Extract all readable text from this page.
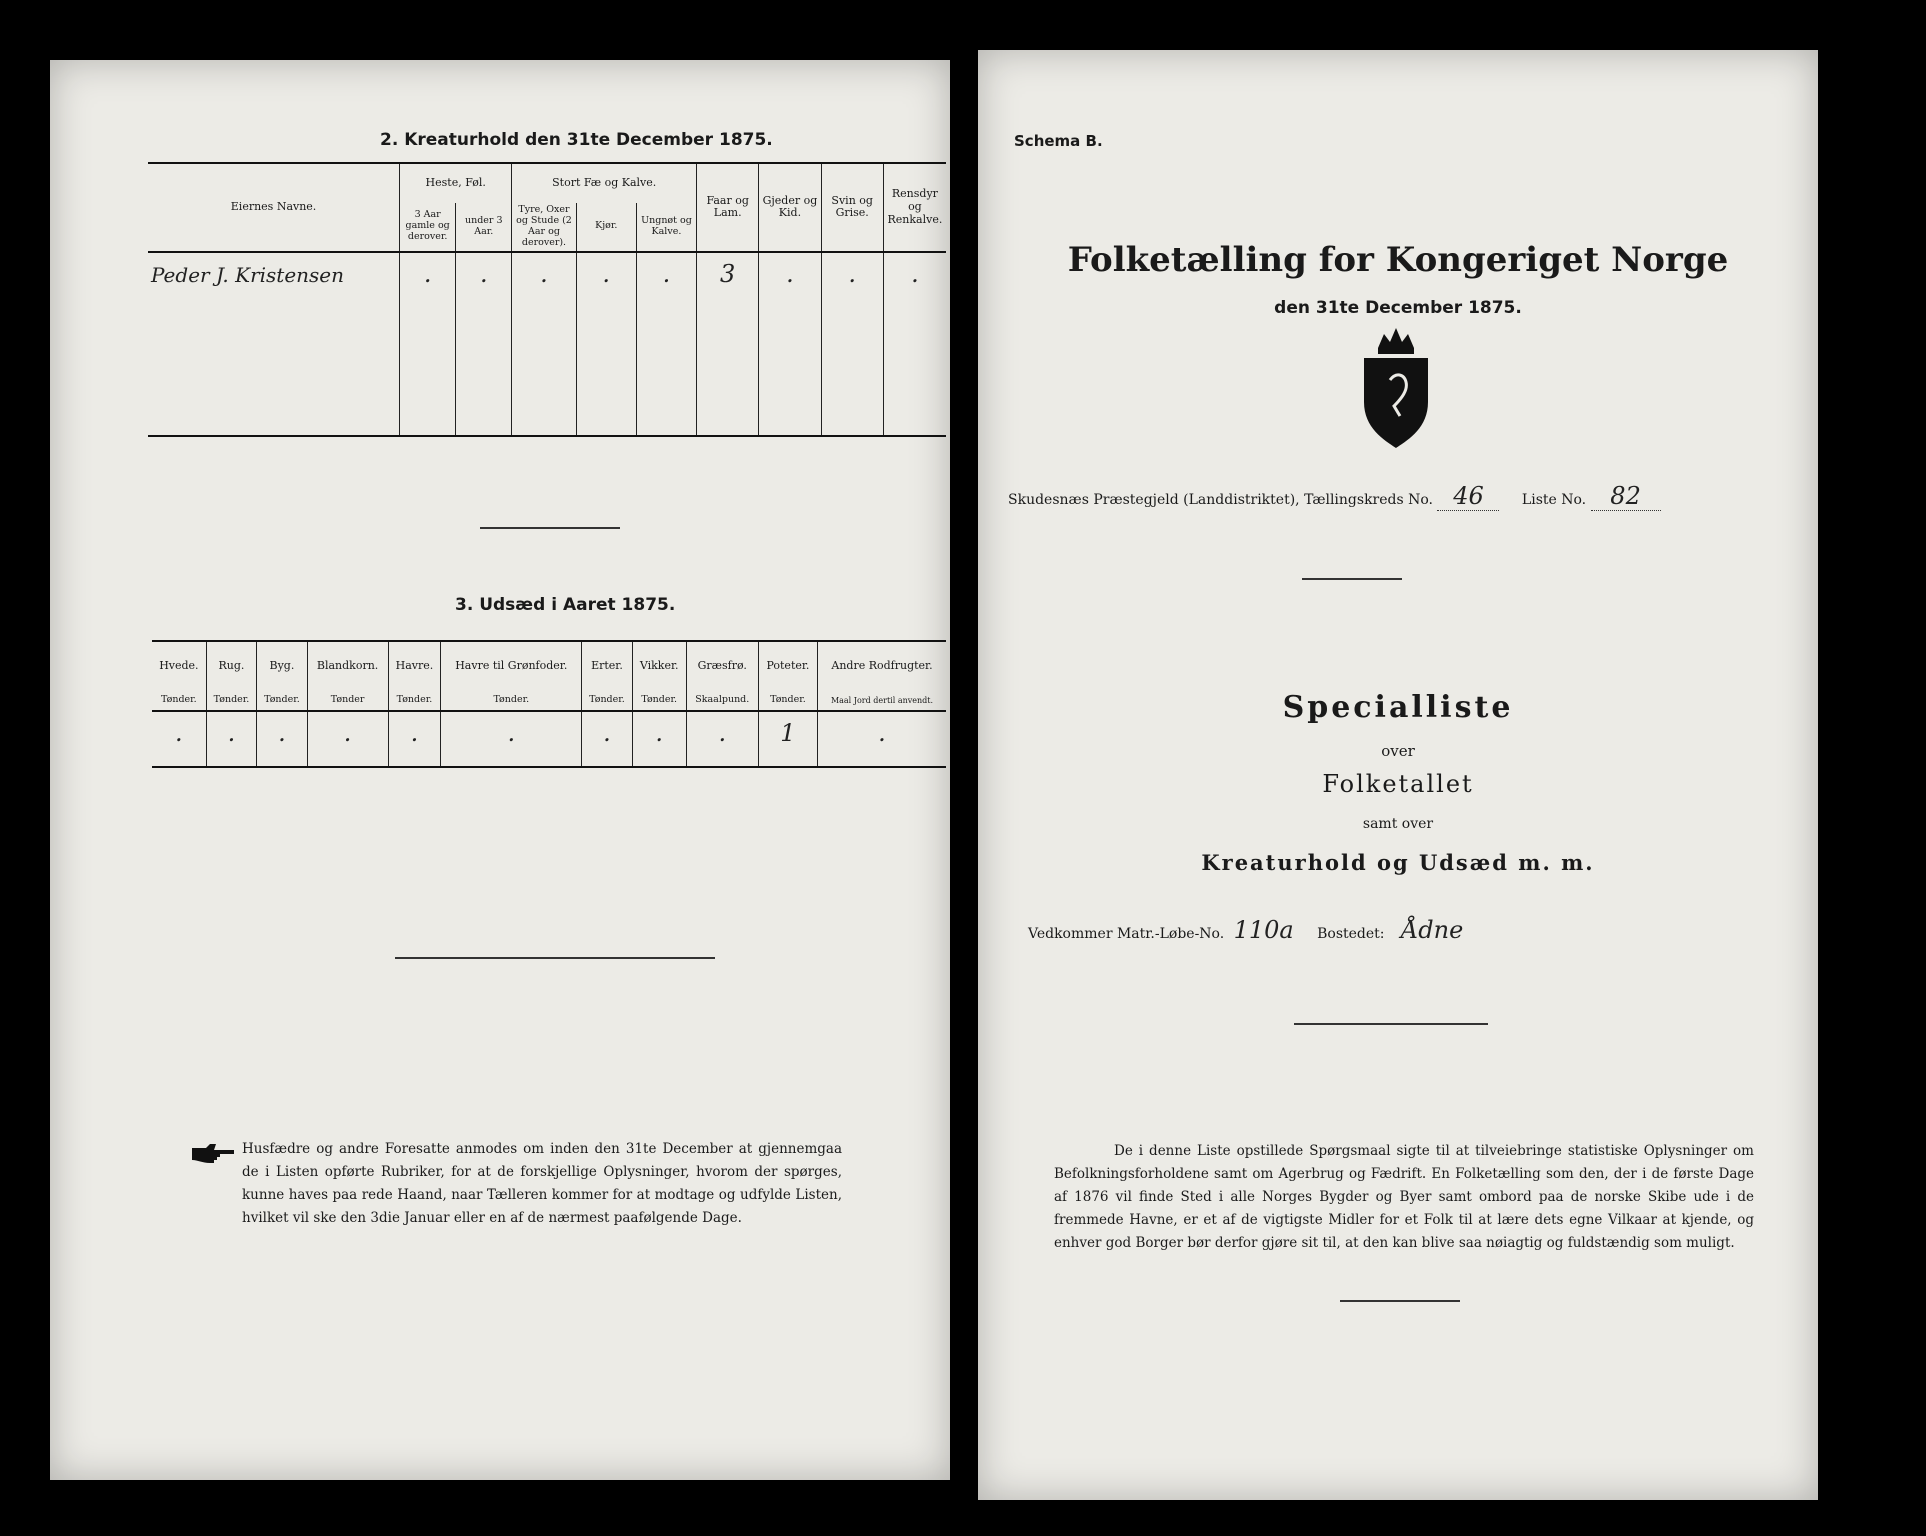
2. Kreaturhold den 31te December 1875.
Eiernes Navne.	Heste, Føl.		Stort Fæ og Kalve.			Faar og Lam.	Gjeder og Kid.	Svin og Grise.	Rensdyr og Renkalve.
	3 Aar gamle og derover.	under 3 Aar.	Tyre, Oxer og Stude (2 Aar og derover).	Kjør.	Ungnøt og Kalve.				
Peder J. Kristensen	.	.	.	.	.	3	.	.	.

3. Udsæd i Aaret 1875.
Hvede.	Rug.	Byg.	Blandkorn.	Havre.	Havre til Grønfoder.	Erter.	Vikker.	Græsfrø.	Poteter.	Andre Rodfrugter.
Tønder.	Tønder.	Tønder.	Tønder	Tønder.	Tønder.	Tønder.	Tønder.	Skaalpund.	Tønder.	Maal Jord dertil anvendt.
.	.	.	.	.	.	.	.	.	1	.

Husfædre og andre Foresatte anmodes om inden den 31te December at gjennemgaa de i Listen opførte Rubriker, for at de forskjellige Oplysninger, hvorom der spørges, kunne haves paa rede Haand, naar Tælleren kommer for at modtage og udfylde Listen, hvilket vil ske den 3die Januar eller en af de nærmest paafølgende Dage.
Schema B.
Folketælling for Kongeriget Norge
den 31te December 1875.
Skudesnæs Præstegjeld (Landdistriktet), Tællingskreds No. 46	Liste No. 82
Specialliste
over
Folketallet
samt over
Kreaturhold og Udsæd m. m.
Vedkommer Matr.-Løbe-No. 110a Bostedet: Ådne
De i denne Liste opstillede Spørgsmaal sigte til at tilveiebringe statistiske Oplysninger om Befolkningsforholdene samt om Agerbrug og Fædrift. En Folketælling som den, der i de første Dage af 1876 vil finde Sted i alle Norges Bygder og Byer samt ombord paa de norske Skibe ude i de fremmede Havne, er et af de vigtigste Midler for et Folk til at lære dets egne Vilkaar at kjende, og enhver god Borger bør derfor gjøre sit til, at den kan blive saa nøiagtig og fuldstændig som muligt.
